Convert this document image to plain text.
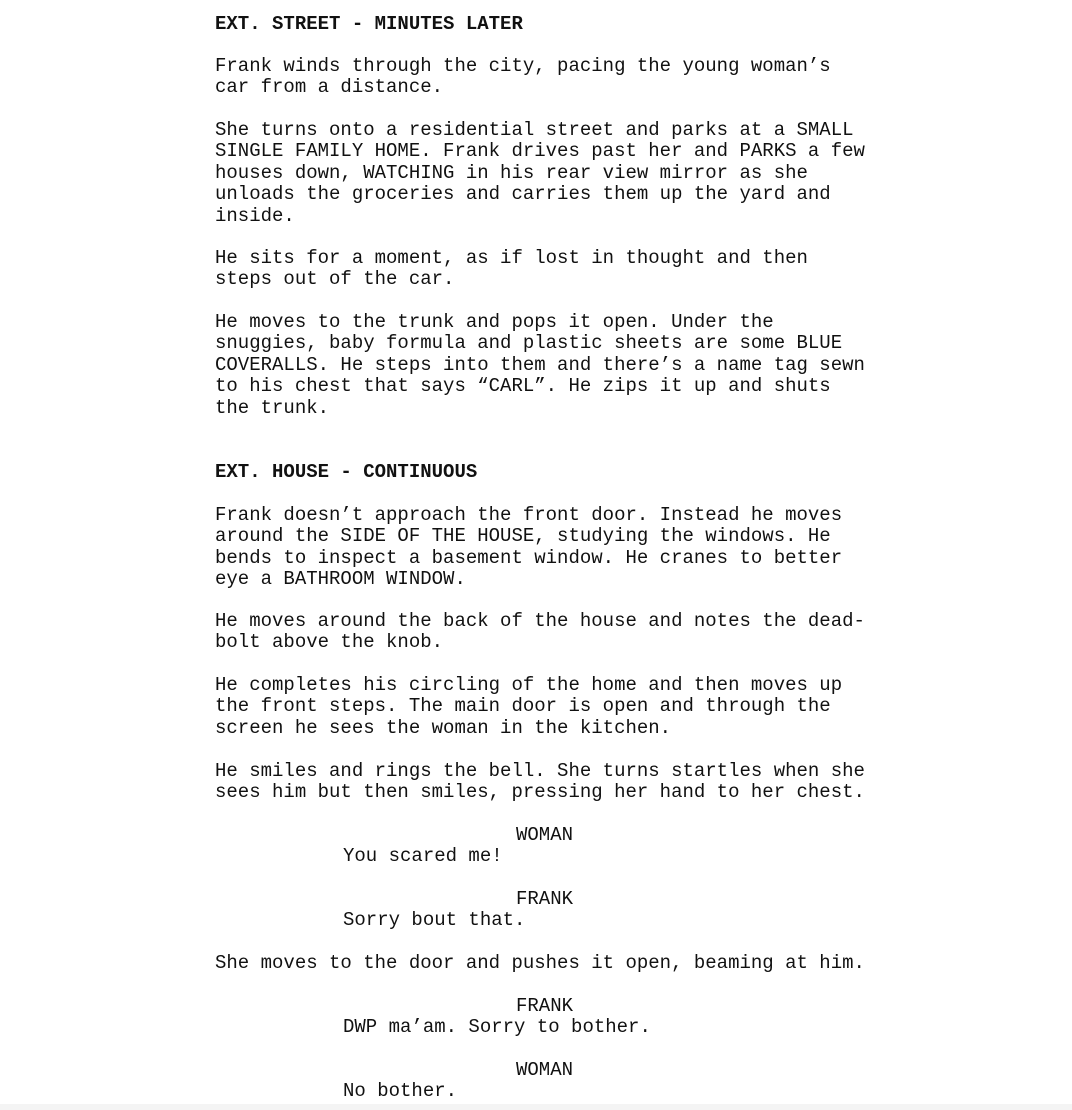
EXT. STREET - MINUTES LATER
Frank winds through the city, pacing the young woman’s
car from a distance.
She turns onto a residential street and parks at a SMALL
SINGLE FAMILY HOME. Frank drives past her and PARKS a few
houses down, WATCHING in his rear view mirror as she
unloads the groceries and carries them up the yard and
inside.
He sits for a moment, as if lost in thought and then
steps out of the car.
He moves to the trunk and pops it open. Under the
snuggies, baby formula and plastic sheets are some BLUE
COVERALLS. He steps into them and there’s a name tag sewn
to his chest that says “CARL”. He zips it up and shuts
the trunk.
EXT. HOUSE - CONTINUOUS
Frank doesn’t approach the front door. Instead he moves
around the SIDE OF THE HOUSE, studying the windows. He
bends to inspect a basement window. He cranes to better
eye a BATHROOM WINDOW.
He moves around the back of the house and notes the dead-
bolt above the knob.
He completes his circling of the home and then moves up
the front steps. The main door is open and through the
screen he sees the woman in the kitchen.
He smiles and rings the bell. She turns startles when she
sees him but then smiles, pressing her hand to her chest.
WOMAN
You scared me!
FRANK
Sorry bout that.
She moves to the door and pushes it open, beaming at him.
FRANK
DWP ma’am. Sorry to bother.
WOMAN
No bother.
